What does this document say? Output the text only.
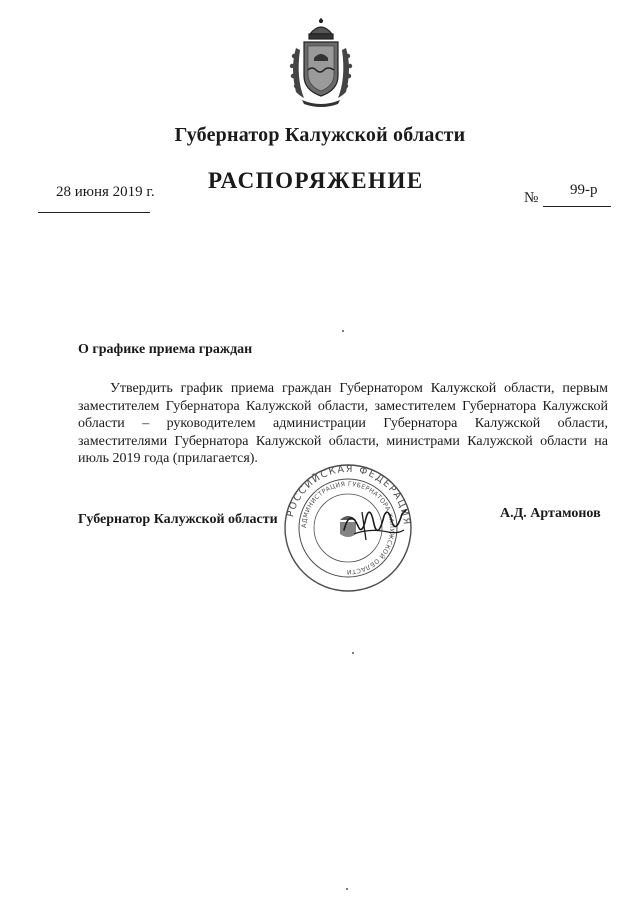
Губернатор Калужской области
РАСПОРЯЖЕНИЕ
28 июня 2019 г.	№ 99-р
О графике приема граждан

Утвердить график приема граждан Губернатором Калужской области, первым заместителем Губернатора Калужской области, заместителем Губернатора Калужской области – руководителем администрации Губернатора Калужской области, заместителями Губернатора Калужской области, министрами Калужской области на июль 2019 года (прилагается).

Губернатор Калужской области	А.Д. Артамонов
РОССИЙСКАЯ ФЕДЕРАЦИЯ
АДМИНИСТРАЦИЯ ГУБЕРНАТОРА КАЛУЖСКОЙ ОБЛАСТИ
